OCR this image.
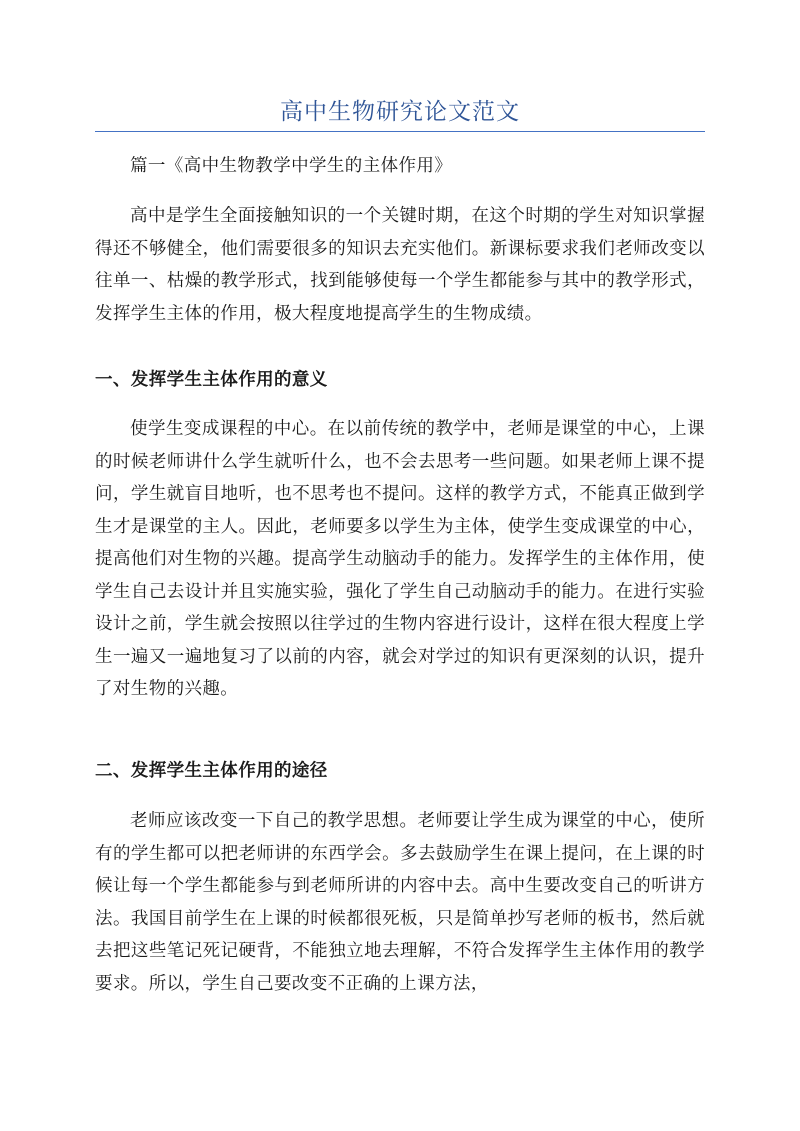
高中生物研究论文范文

篇一《高中生物教学中学生的主体作用》

高中是学生全面接触知识的一个关键时期，在这个时期的学生对知识掌握得还不够健全，他们需要很多的知识去充实他们。新课标要求我们老师改变以往单一、枯燥的教学形式，找到能够使每一个学生都能参与其中的教学形式，发挥学生主体的作用，极大程度地提高学生的生物成绩。

一、发挥学生主体作用的意义

使学生变成课程的中心。在以前传统的教学中，老师是课堂的中心，上课的时候老师讲什么学生就听什么，也不会去思考一些问题。如果老师上课不提问，学生就盲目地听，也不思考也不提问。这样的教学方式，不能真正做到学生才是课堂的主人。因此，老师要多以学生为主体，使学生变成课堂的中心，提高他们对生物的兴趣。提高学生动脑动手的能力。发挥学生的主体作用，使学生自己去设计并且实施实验，强化了学生自己动脑动手的能力。在进行实验设计之前，学生就会按照以往学过的生物内容进行设计，这样在很大程度上学生一遍又一遍地复习了以前的内容，就会对学过的知识有更深刻的认识，提升了对生物的兴趣。

二、发挥学生主体作用的途径

老师应该改变一下自己的教学思想。老师要让学生成为课堂的中心，使所有的学生都可以把老师讲的东西学会。多去鼓励学生在课上提问，在上课的时候让每一个学生都能参与到老师所讲的内容中去。高中生要改变自己的听讲方法。我国目前学生在上课的时候都很死板，只是简单抄写老师的板书，然后就去把这些笔记死记硬背，不能独立地去理解，不符合发挥学生主体作用的教学要求。所以，学生自己要改变不正确的上课方法，
